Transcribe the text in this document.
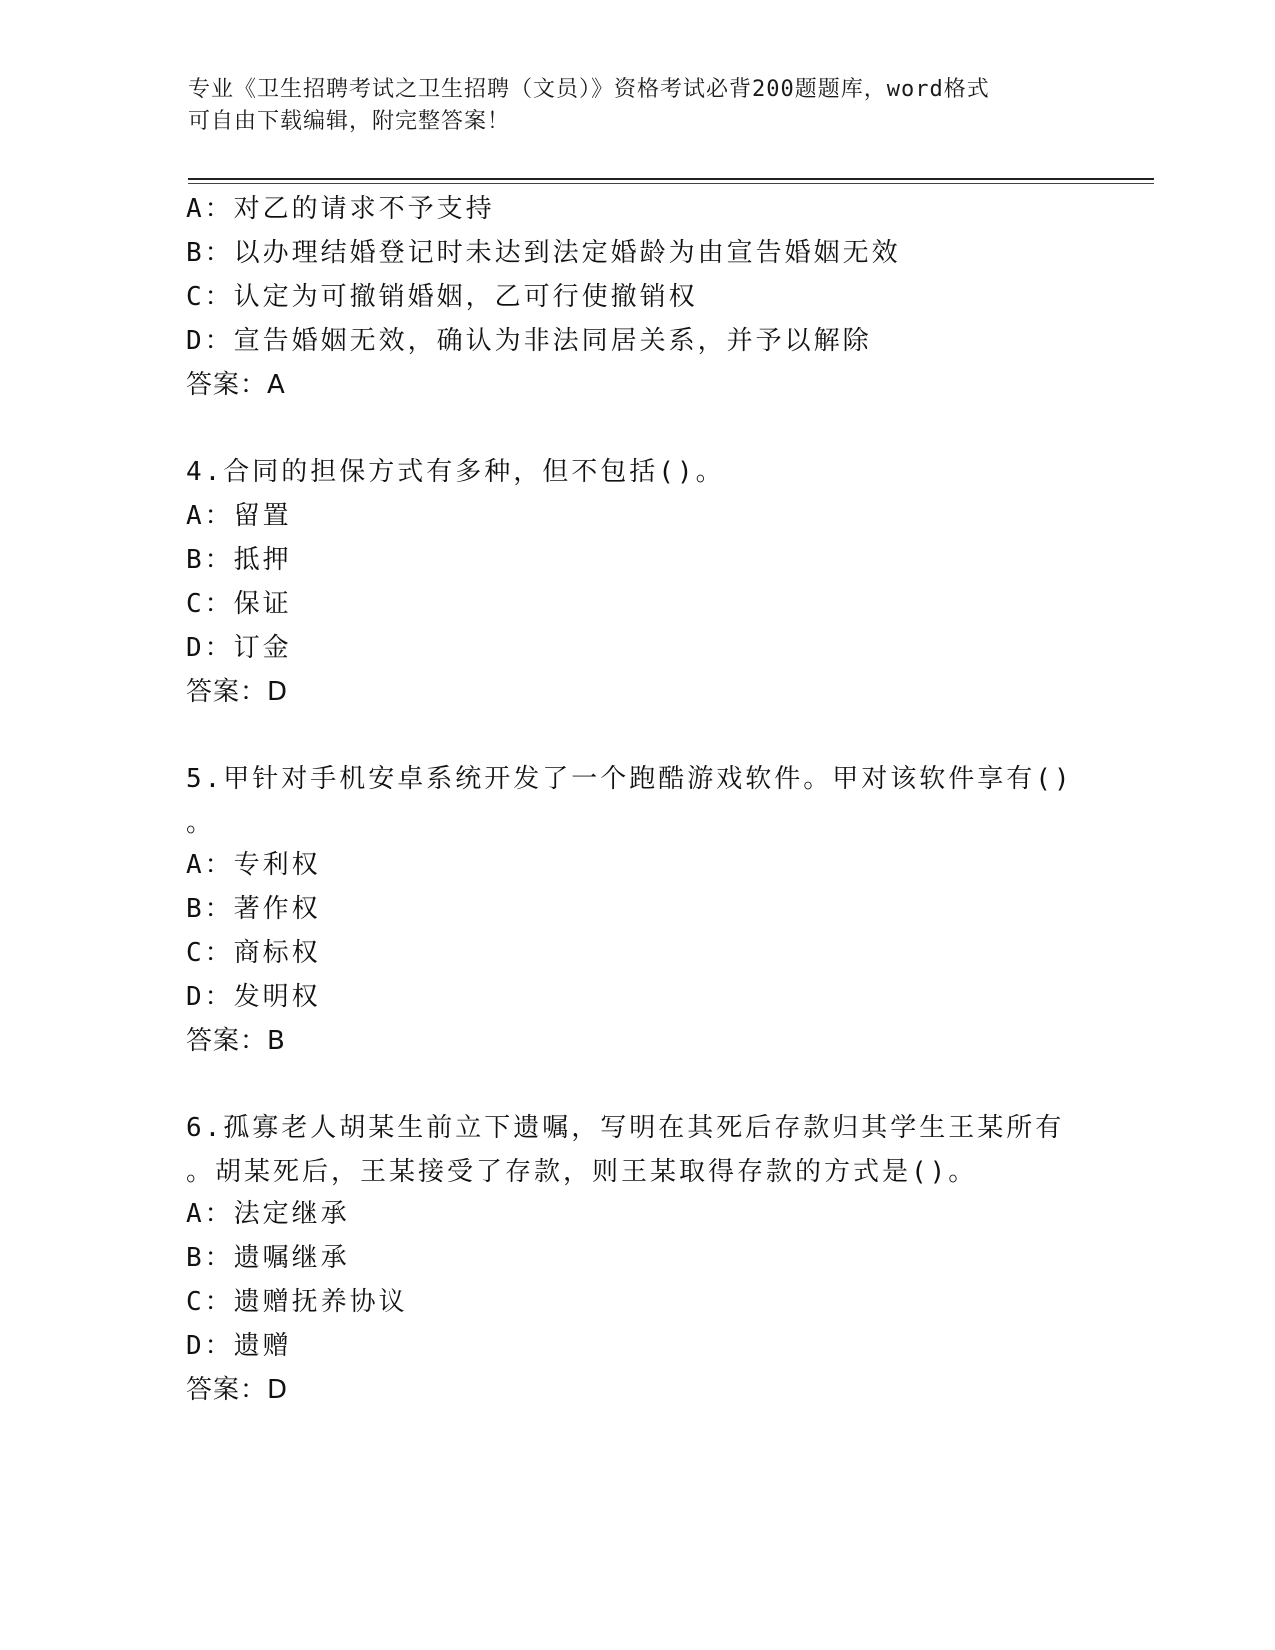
专业《卫生招聘考试之卫生招聘（文员）》资格考试必背200题题库，word格式
可自由下载编辑，附完整答案！
A：对乙的请求不予支持
B：以办理结婚登记时未达到法定婚龄为由宣告婚姻无效
C：认定为可撤销婚姻，乙可行使撤销权
D：宣告婚姻无效，确认为非法同居关系，并予以解除
答案：A
4.合同的担保方式有多种，但不包括()。
A：留置
B：抵押
C：保证
D：订金
答案：D
5.甲针对手机安卓系统开发了一个跑酷游戏软件。甲对该软件享有()
。
A：专利权
B：著作权
C：商标权
D：发明权
答案：B
6.孤寡老人胡某生前立下遗嘱，写明在其死后存款归其学生王某所有
。胡某死后，王某接受了存款，则王某取得存款的方式是()。
A：法定继承
B：遗嘱继承
C：遗赠抚养协议
D：遗赠
答案：D
